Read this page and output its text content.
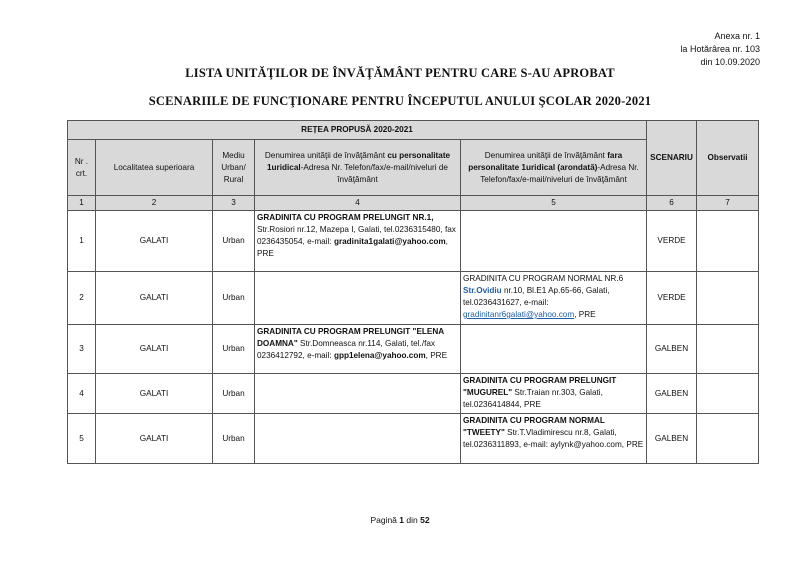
Anexa nr. 1
la Hotărârea nr. 103
din 10.09.2020
LISTA UNITĂŢILOR DE ÎNVĂŢĂMÂNT PENTRU CARE S-AU APROBAT
SCENARIILE DE FUNCŢIONARE PENTRU ÎNCEPUTUL ANULUI ŞCOLAR 2020-2021
REȚEA PROPUSĂ 2020-2021					SCENARIU	Observatii
Nr . crt.	Localitatea superioara	Mediu Urban/ Rural	Denumirea unităţii de învăţământ cu personalitate 1uridical-Adresa Nr. Telefon/fax/e-mail/niveluri de învăţământ	Denumirea unităţii de învăţământ fara personalitate 1uridical (arondată)-Adresa Nr. Telefon/fax/e-mail/niveluri de învăţământ		
1	2	3	4	5	6	7
1	GALATI	Urban	GRADINITA CU PROGRAM PRELUNGIT NR.1, Str.Rosiori nr.12, Mazepa I, Galati, tel.0236315480, fax 0236435054, e-mail: gradinita1galati@yahoo.com, PRE		VERDE	
2	GALATI	Urban		GRADINITA CU PROGRAM NORMAL NR.6 Str.Ovidiu nr.10, Bl.E1 Ap.65-66, Galati, tel.0236431627, e-mail: gradinitanr6galati@yahoo.com, PRE	VERDE	
3	GALATI	Urban	GRADINITA CU PROGRAM PRELUNGIT "ELENA DOAMNA" Str.Domneasca nr.114, Galati, tel./fax 0236412792, e-mail: gpp1elena@yahoo.com, PRE		GALBEN	
4	GALATI	Urban		GRADINITA CU PROGRAM PRELUNGIT "MUGUREL" Str.Traian nr.303, Galati, tel.0236414844, PRE	GALBEN	
5	GALATI	Urban		GRADINITA CU PROGRAM NORMAL "TWEETY" Str.T.Vladimirescu nr.8, Galati, tel.0236311893, e-mail: aylynk@yahoo.com, PRE	GALBEN	
Pagină 1 din 52
